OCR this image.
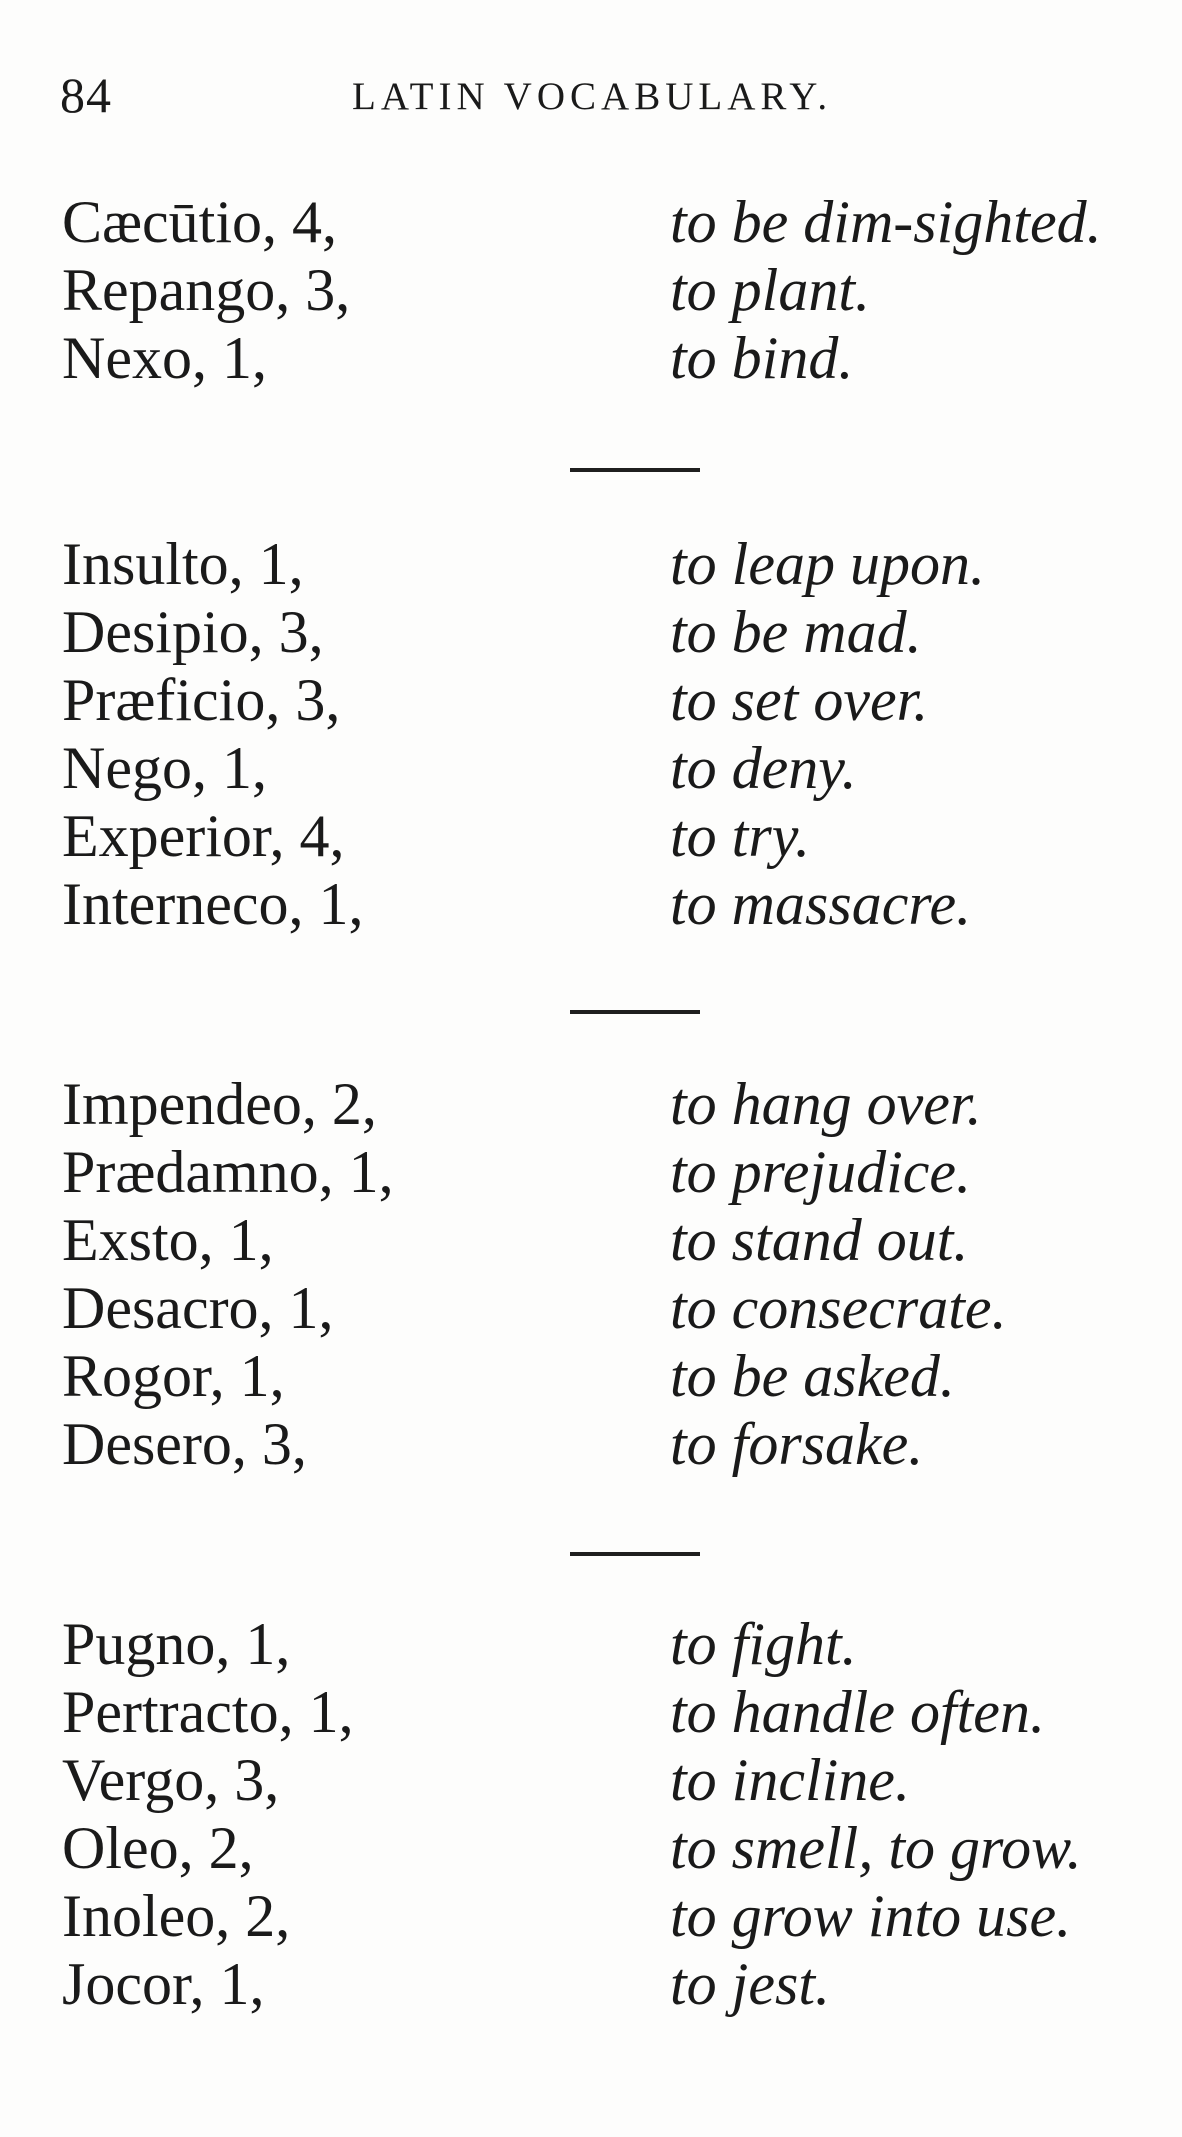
84	LATIN VOCABULARY.
Cæcūtio, 4,	to be dim-sighted.
Repango, 3,	to plant.
Nexo, 1,	to bind.
Insulto, 1,	to leap upon.
Desipio, 3,	to be mad.
Præficio, 3,	to set over.
Nego, 1,	to deny.
Experior, 4,	to try.
Interneco, 1,	to massacre.
Impendeo, 2,	to hang over.
Prædamno, 1,	to prejudice.
Exsto, 1,	to stand out.
Desacro, 1,	to consecrate.
Rogor, 1,	to be asked.
Desero, 3,	to forsake.
Pugno, 1,	to fight.
Pertracto, 1,	to handle often.
Vergo, 3,	to incline.
Oleo, 2,	to smell, to grow.
Inoleo, 2,	to grow into use.
Jocor, 1,	to jest.
